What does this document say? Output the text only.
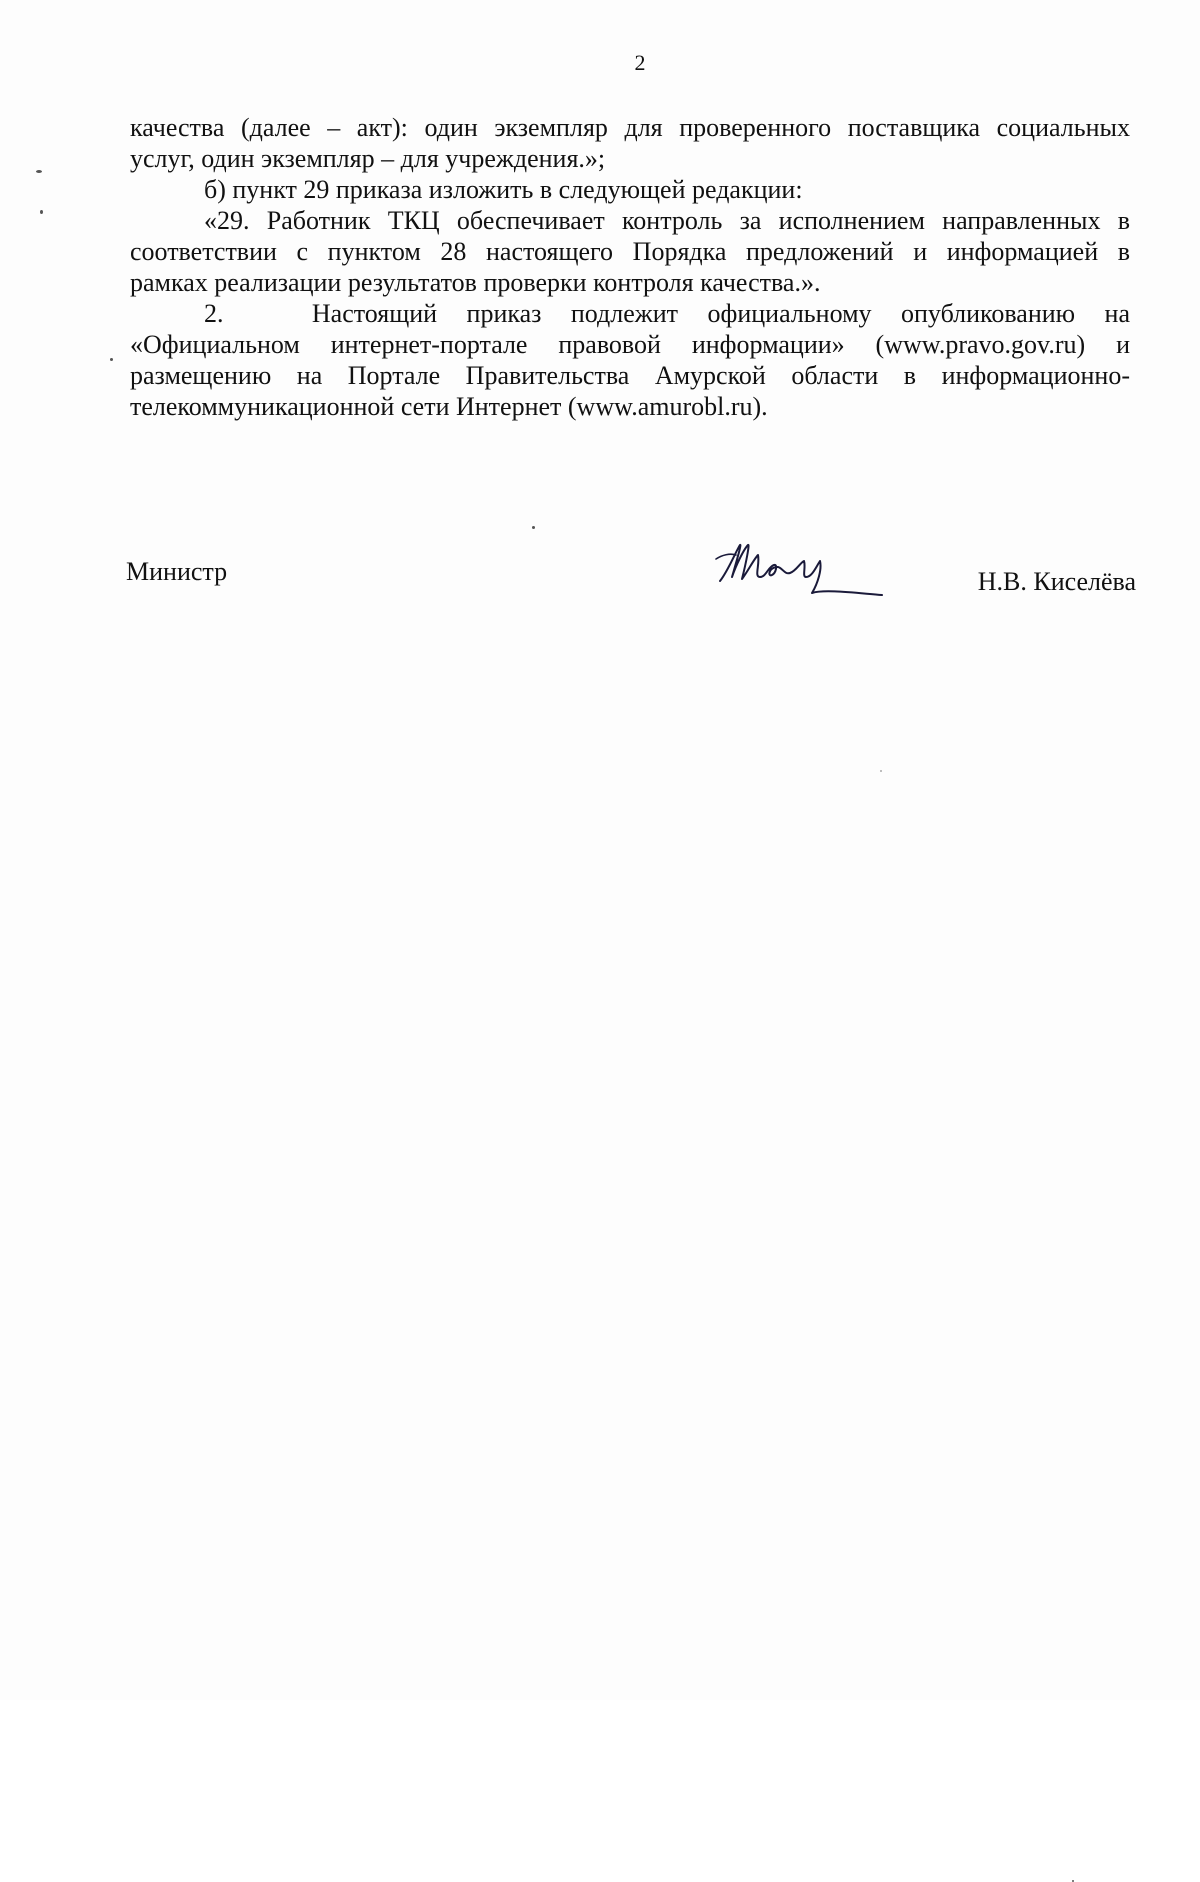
2
качества (далее – акт): один экземпляр для проверенного поставщика социальных
услуг, один экземпляр – для учреждения.»;
б) пункт 29 приказа изложить в следующей редакции:
«29. Работник ТКЦ обеспечивает контроль за исполнением направленных в
соответствии с пунктом 28 настоящего Порядка предложений и информацией в
рамках реализации результатов проверки контроля качества.».
2.      Настоящий  приказ  подлежит  официальному  опубликованию  на
«Официальном интернет-портале правовой информации» (www.pravo.gov.ru) и
размещению на Портале Правительства Амурской области в информационно-
телекоммуникационной сети Интернет (www.amurobl.ru).
Министр	Н.В. Киселёва
